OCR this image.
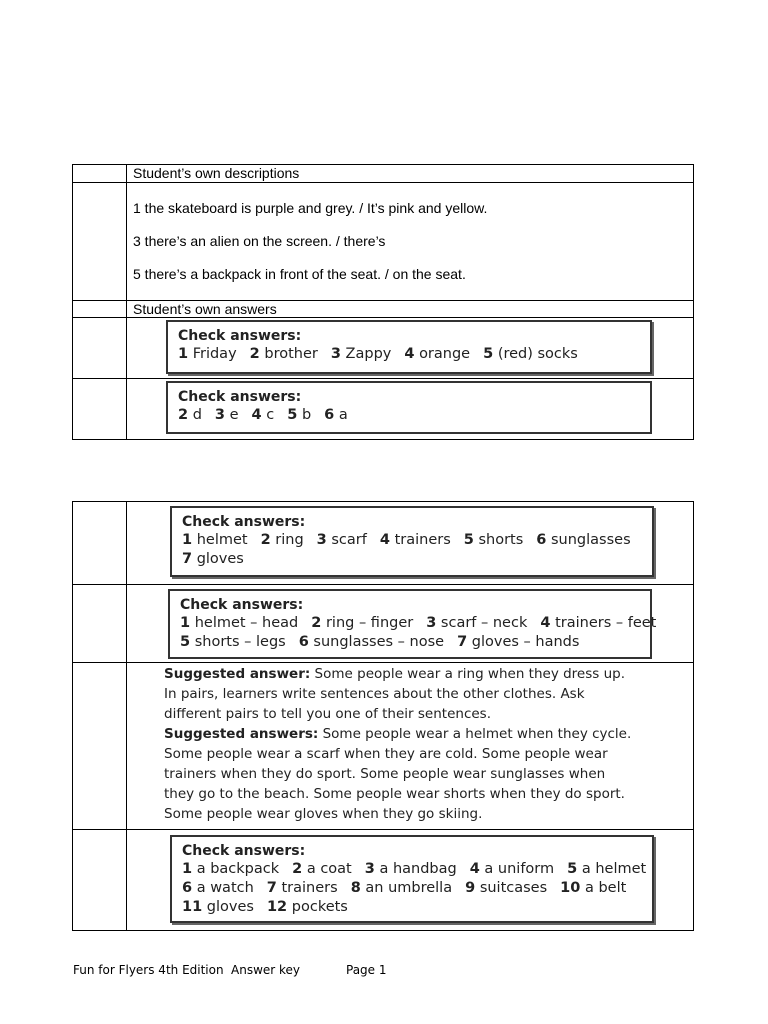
Student’s own descriptions
1 the skateboard is purple and grey. / It’s pink and yellow.
3 there’s an alien on the screen. / there’s
5 there’s a backpack in front of the seat. / on the seat.
Student’s own answers
Check answers:
1 Friday 2 brother 3 Zappy 4 orange 5 (red) socks
Check answers:
2 d 3 e 4 c 5 b 6 a
Check answers:
1 helmet 2 ring 3 scarf 4 trainers 5 shorts 6 sunglasses
7 gloves
Check answers:
1 helmet – head 2 ring – finger 3 scarf – neck 4 trainers – feet
5 shorts – legs 6 sunglasses – nose 7 gloves – hands
Suggested answer: Some people wear a ring when they dress up.
In pairs, learners write sentences about the other clothes. Ask
different pairs to tell you one of their sentences.
Suggested answers: Some people wear a helmet when they cycle.
Some people wear a scarf when they are cold. Some people wear
trainers when they do sport. Some people wear sunglasses when
they go to the beach. Some people wear shorts when they do sport.
Some people wear gloves when they go skiing.
Check answers:
1 a backpack 2 a coat 3 a handbag 4 a uniform 5 a helmet
6 a watch 7 trainers 8 an umbrella 9 suitcases 10 a belt
11 gloves 12 pockets
Fun for Flyers 4th Edition Answer key	Page 1
